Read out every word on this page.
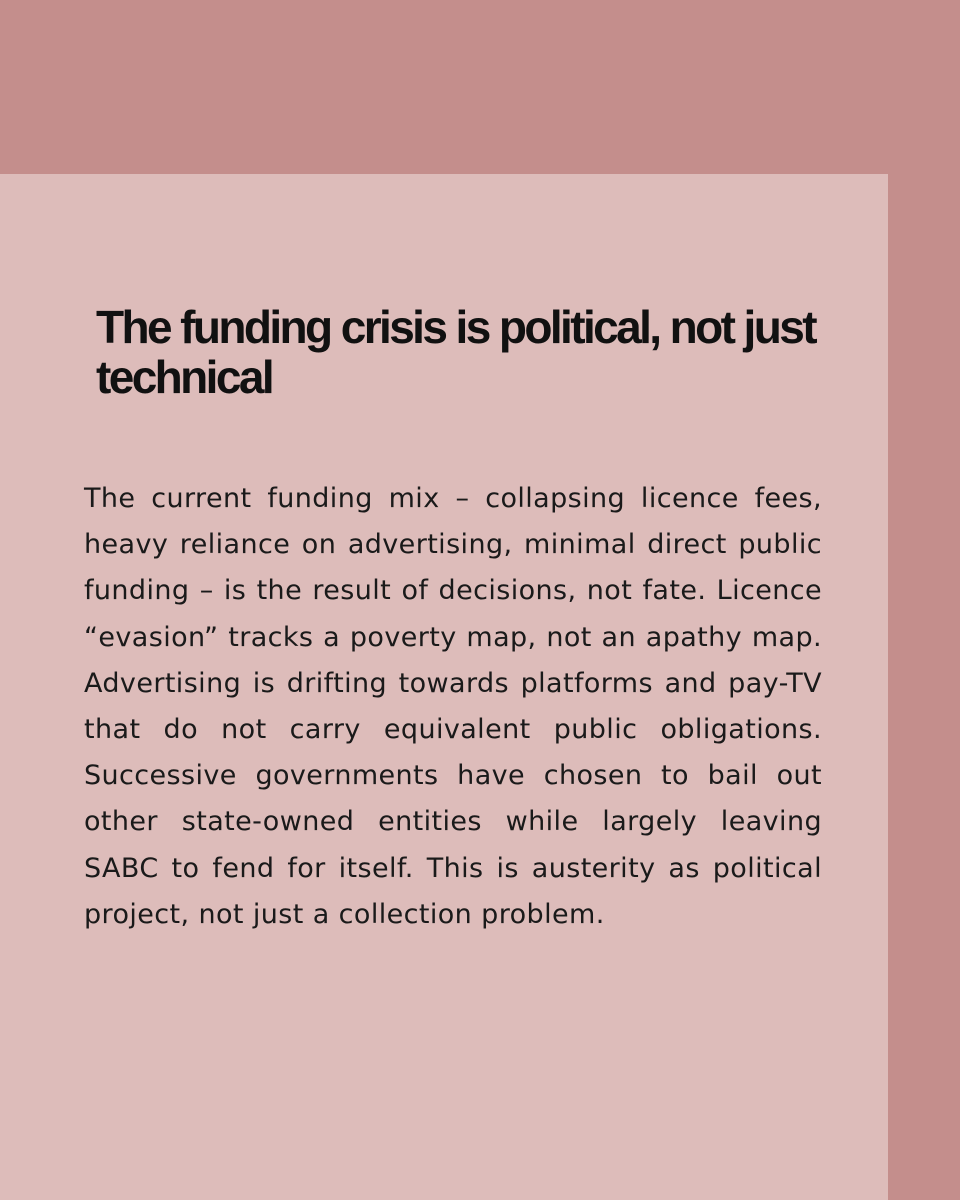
The funding crisis is political, not just technical

The current funding mix – collapsing licence fees, heavy reliance on advertising, minimal direct public funding – is the result of decisions, not fate. Licence “evasion” tracks a poverty map, not an apathy map. Advertising is drifting towards platforms and pay-TV that do not carry equivalent public obligations. Successive governments have chosen to bail out other state-owned entities while largely leaving SABC to fend for itself. This is austerity as political project, not just a collection problem.
